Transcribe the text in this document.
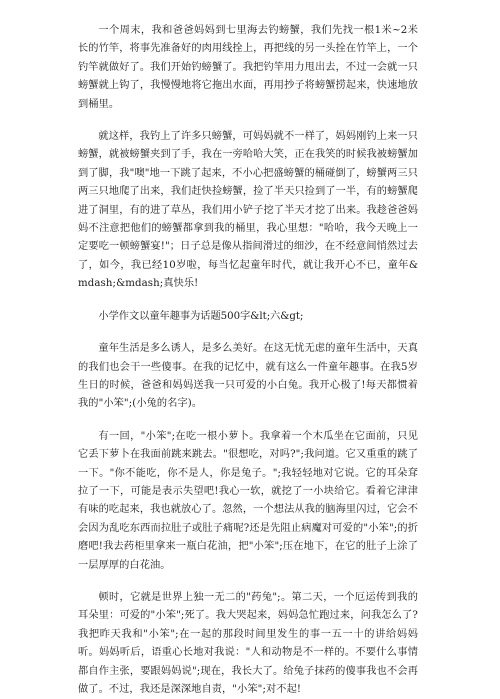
一个周末，我和爸爸妈妈到七里海去钓螃蟹，我们先找一根1米~2米长的竹竿，将事先准备好的肉用线拴上，再把线的另一头拴在竹竿上，一个钓竿就做好了。我们开始钓螃蟹了。我把钓竿用力甩出去，不过一会就一只螃蟹就上钩了，我慢慢地将它拖出水面，再用抄子将螃蟹捞起来，快速地放到桶里。

就这样，我钓上了许多只螃蟹，可妈妈就不一样了，妈妈刚钓上来一只螃蟹，就被螃蟹夹到了手，我在一旁哈哈大笑，正在我笑的时候我被螃蟹加到了脚，我"噢"地一下跳了起来，不小心把盛螃蟹的桶碰倒了，螃蟹两三只两三只地爬了出来，我们赶快捡螃蟹，捡了半天只捡到了一半，有的螃蟹爬进了洞里，有的进了草丛，我们用小铲子挖了半天才挖了出来。我趁爸爸妈妈不注意把他们的螃蟹都拿到我的桶里，我心里想："哈哈，我今天晚上一定要吃一顿螃蟹宴!"；日子总是像从指间滑过的细沙，在不经意间悄然过去了，如今，我已经10岁啦，每当忆起童年时代，就让我开心不已，童年&mdash;&mdash;真快乐!

小学作文以童年趣事为话题500字&lt;六&gt;

童年生活是多么诱人，是多么美好。在这无忧无虑的童年生活中，天真的我们也会干一些傻事。在我的记忆中，就有这么一件童年趣事。在我5岁生日的时候，爸爸和妈妈送我一只可爱的小白兔。我开心极了!每天都惯着我的"小笨";(小兔的名字)。

有一回，"小笨";在吃一根小萝卜。我拿着一个木瓜坐在它面前，只见它丢下萝卜在我面前跳来跳去。"很想吃，对吗?";我问道。它又重重的跳了一下。"你不能吃，你不是人，你是兔子。";我轻轻地对它说。它的耳朵耷拉了一下，可能是表示失望吧!我心一软，就挖了一小块给它。看着它津津有味的吃起来，我也就放心了。忽然，一个想法从我的脑海里闪过，它会不会因为乱吃东西而拉肚子或肚子痛呢?还是先阻止病魔对可爱的"小笨";的折磨吧!我去药柜里拿来一瓶白花油，把"小笨";压在地下，在它的肚子上涂了一层厚厚的白花油。

顿时，它就是世界上独一无二的"药兔";。第二天，一个厄运传到我的耳朵里：可爱的"小笨";死了。我大哭起来，妈妈急忙跑过来，问我怎么了?我把昨天我和"小笨";在一起的那段时间里发生的事一五一十的讲给妈妈听。妈妈听后，语重心长地对我说："人和动物是不一样的。不要什么事情都自作主张，要跟妈妈说";现在，我长大了。给兔子抹药的傻事我也不会再做了。不过，我还是深深地自责，"小笨";对不起!
